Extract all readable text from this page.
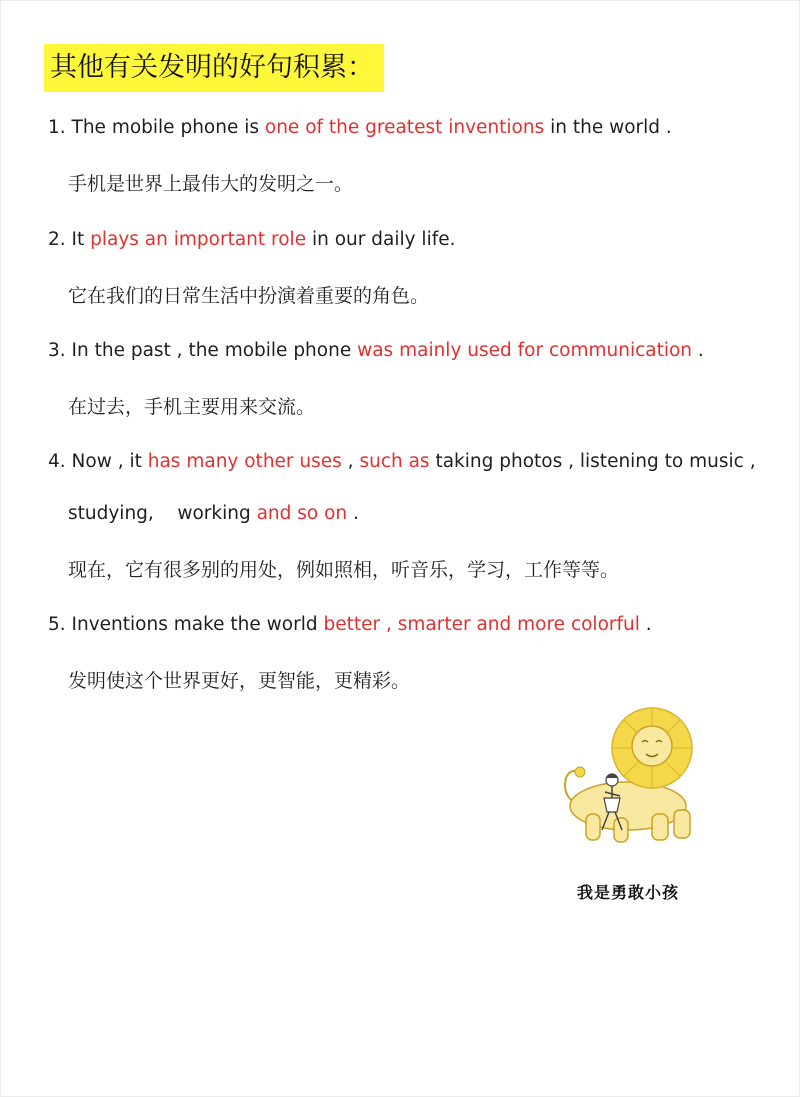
其他有关发明的好句积累：
1. The mobile phone is one of the greatest inventions in the world .
手机是世界上最伟大的发明之一。
2. It plays an important role in our daily life.
它在我们的日常生活中扮演着重要的角色。
3. In the past , the mobile phone was mainly used for communication .
在过去，手机主要用来交流。
4. Now , it has many other uses , such as taking photos , listening to music ,
studying,    working and so on .
现在，它有很多别的用处，例如照相，听音乐，学习，工作等等。
5. Inventions make the world better , smarter and more colorful .
发明使这个世界更好，更智能，更精彩。
我是勇敢小孩
